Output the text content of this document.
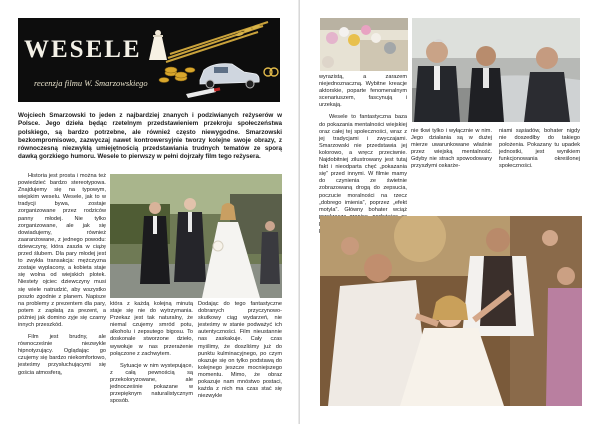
WESELE
recenzja filmu W. Smarzowskiego

Wojciech Smarzowski to jeden z najbardziej znanych i podziwianych reżyserów w Polsce. Jego dzieła będąc rzetelnym przedstawieniem przekroju społeczeństwa polskiego, są bardzo potrzebne, ale również często niewygodne. Smarzowski bezkompromisowo, zazwyczaj nawet kontrowersyjnie tworzy kolejne swoje obrazy, z równoczesną niezwykłą umiejętnością przedstawiania trudnych tematów ze sporą dawką gorzkiego humoru. Wesele to pierwszy w pełni dojrzały film tego reżysera.

Historia jest prosta i można też powiedzieć bardzo stereotypowa. Znajdujemy się na typowym, wiejskim weselu. Wesele, jak to w tradycji bywa, zostaje zorganizowane przez rodziców panny młodej. Nie tylko zorganizowane, ale jak się dowiadujemy, również zaaranżowane, z jednego powodu: dziewczyny, która zaszła w ciążę przed ślubem. Dla pary młodej jest to zwykła transakcja: mężczyzna zostaje wyplacony, a kobieta staje się wolna od wiejskich plotek. Niestety ojciec dziewczyny musi się wiele natrudzić, aby wszystko poszło zgodnie z planem. Napisze na problemy z prezentem dla pary, potem z zapłatą za prezent, a później jak domino zyje się czarny innych przeszkód.

Film jest brudny, ale równocześnie niezwykle hipnotyzujący. Oglądając go czujemy się bardzo niekomfortowo, jesteśmy przysłuchującymi się gościa atmosferą,

która z każdą kolejną minutą staje się nie do wytrzymania. Przekaz jest tak naturalny, że niemal czujemy smród potu, alkoholu i zepsutego bigosu. To doskonale stworzone dzieło, wywołuje w nas przerażenie połączone z zachwytem.

Sytuacje w nim wystepujące, z całą pewnością są przekoloryzowane, ale jednocześnie pokazane w przepięknym naturalistycznym sposób.

Dodając do tego fantastyczne dobranych przyczynowo-skutkowy ciąg wydarzeń, nie jesteśmy w stanie podważyć ich autentyczności. Film nieustannie nas zaskakuje. Cały czas myślimy, że doszliśmy już do punktu kulminacyjnego, po czym okazuje się on tylko podstawą do kolejnego jeszcze mocniejszego momentu. Mimo, że obraz pokazuje nam mnóstwo postaci, każda z nich ma czas stać się niezwykle

wyrazistą, a zarazem niejednoznaczną. Wybitne kreacje aktorskie, poparte fenomenalnym scenariuszem, fascynują i urzekają.

Wesele to fantastyczna baza do pokazania mentalności wiejskiej oraz całej tej społeczności, wraz z jej tradycjami i zwyczajami. Smarzowski nie przedstawia jej kolorowo, a wręcz przeciwnie. Najdobitniej zilustrowany jest tutaj fakt i nieodparta chęć „pokazania się” przed innymi. W filmie mamy do czynienia ze świetnie zobrazowaną drogą do zepsucia, poczucie moralności na rzecz „dobrego imienia”, poprzez „efekt motyla”. Główny bohater wciąż

nie tkwi tylko i wyłącznie w nim. Jego działania są w dużej mierze uwarunkowane właśnie przez wiejską mentalność. Gdyby nie strach spowodowany przyszłymi oskarże-

niami sąsiadów, bohater nigdy nie doszedłby do takiego położenia. Pokazany tu upadek jednostki, jest wynikiem funkcjonowania określonej społeczności.
